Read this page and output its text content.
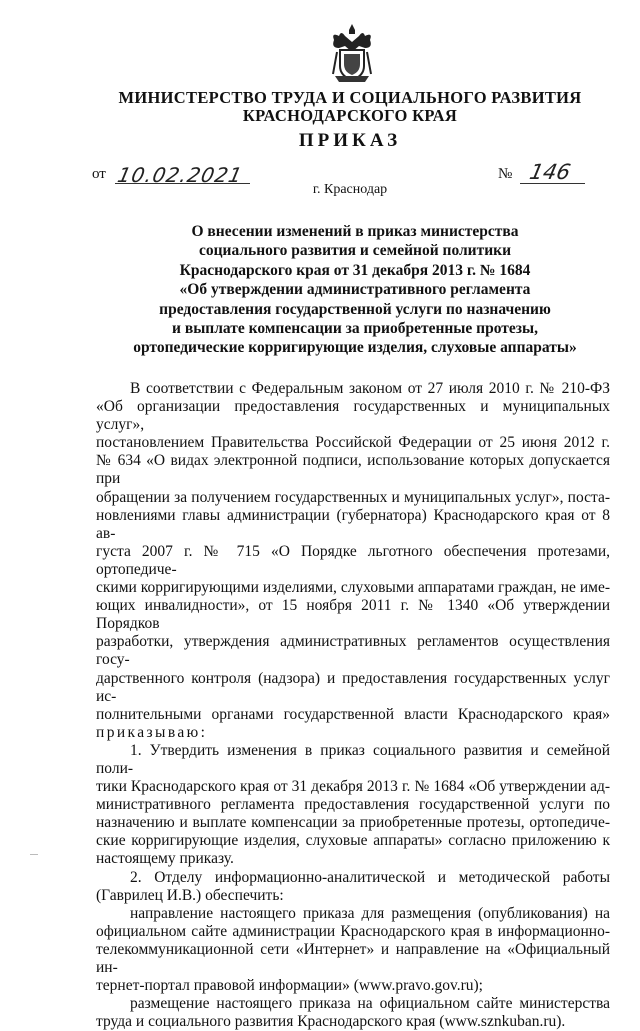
МИНИСТЕРСТВО ТРУДА И СОЦИАЛЬНОГО РАЗВИТИЯ
КРАСНОДАРСКОГО КРАЯ
ПРИКАЗ
от 10.02.2021	№ 146
г. Краснодар
О внесении изменений в приказ министерства
социального развития и семейной политики
Краснодарского края от 31 декабря 2013 г. № 1684
«Об утверждении административного регламента
предоставления государственной услуги по назначению
и выплате компенсации за приобретенные протезы,
ортопедические корригирующие изделия, слуховые аппараты»

В соответствии с Федеральным законом от 27 июля 2010 г. № 210-ФЗ

«Об организации предоставления государственных и муниципальных услуг»,

постановлением Правительства Российской Федерации от 25 июня 2012 г.

№ 634 «О видах электронной подписи, использование которых допускается при

обращении за получением государственных и муниципальных услуг», поста-

новлениями главы администрации (губернатора) Краснодарского края от 8 ав-

густа 2007 г. № 715 «О Порядке льготного обеспечения протезами, ортопедиче-

скими корригирующими изделиями, слуховыми аппаратами граждан, не име-

ющих инвалидности», от 15 ноября 2011 г. № 1340 «Об утверждении Порядков

разработки, утверждения административных регламентов осуществления госу-

дарственного контроля (надзора) и предоставления государственных услуг ис-

полнительными органами государственной власти Краснодарского края»

приказываю:

1. Утвердить изменения в приказ социального развития и семейной поли-

тики Краснодарского края от 31 декабря 2013 г. № 1684 «Об утверждении ад-

министративного регламента предоставления государственной услуги по

назначению и выплате компенсации за приобретенные протезы, ортопедиче-

ские корригирующие изделия, слуховые аппараты» согласно приложению к

настоящему приказу.

2. Отделу информационно-аналитической и методической работы

(Гаврилец И.В.) обеспечить:

направление настоящего приказа для размещения (опубликования) на

официальном сайте администрации Краснодарского края в информационно-

телекоммуникационной сети «Интернет» и направление на «Официальный ин-

тернет-портал правовой информации» (www.pravo.gov.ru);

размещение настоящего приказа на официальном сайте министерства

труда и социального развития Краснодарского края (www.sznkuban.ru).
